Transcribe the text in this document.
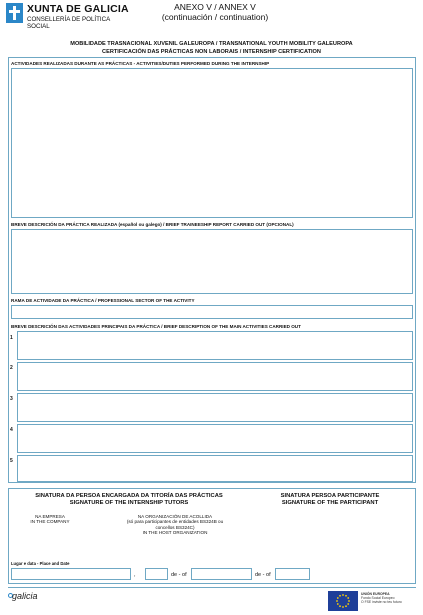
XUNTA DE GALICIA
CONSELLERÍA DE POLÍTICA
SOCIAL
ANEXO V / ANNEX V
(continuación / continuation)
MOBILIDADE TRASNACIONAL XUVENIL GALEUROPA / TRANSNATIONAL YOUTH MOBILITY GALEUROPA
CERTIFICACIÓN DAS PRÁCTICAS NON LABORAIS / INTERNSHIP CERTIFICATION
ACTIVIDADES REALIZADAS DURANTE AS PRÁCTICAS - ACTIVITIES/DUTIES PERFORMED DURING THE INTERNSHIP
BREVE DESCRICIÓN DA PRÁCTICA REALIZADA (español ou galego) / BRIEF TRAINEESHIP REPORT CARRIED OUT (OPCIONAL)
RAMA DE ACTIVIDADE DA PRÁCTICA / PROFESSIONAL SECTOR OF THE ACTIVITY
BREVE DESCRICIÓN DAS ACTIVIDADES PRINCIPAIS DA PRÁCTICA / BRIEF DESCRIPTION OF THE MAIN ACTIVITIES CARRIED OUT
1
2
3
4
5
SINATURA DA PERSOA ENCARGADA DA TITORÍA DAS PRÁCTICAS
SIGNATURE OF THE INTERNSHIP TUTORS
SINATURA PERSOA PARTICIPANTE
SIGNATURE OF THE PARTICIPANT
NA EMPRESA
IN THE COMPANY
NA ORGANIZACIÓN DE ACOLLIDA
(só para participantes de entidades BS324B ou
concellos BS324C)
IN THE HOST ORGANIZATION
Lugar e data - Place and Date
,	de - of	de - of
galicia	UNIÓN EUROPEA
Fondo Social Europeo
O FSE inviste no teu futuro
